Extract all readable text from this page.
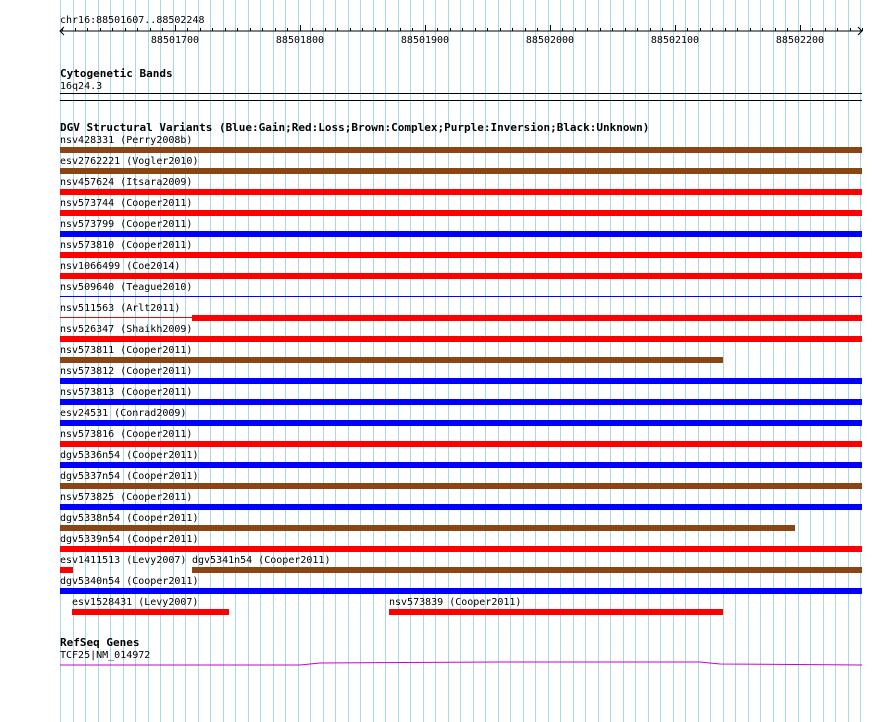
chr16:88501607..88502248
88501700	88501800	88501900	88502000	88502100	88502200
Cytogenetic Bands
16q24.3
DGV Structural Variants (Blue:Gain;Red:Loss;Brown:Complex;Purple:Inversion;Black:Unknown)
nsv428331 (Perry2008b)
esv2762221 (Vogler2010)
nsv457624 (Itsara2009)
nsv573744 (Cooper2011)
nsv573799 (Cooper2011)
nsv573810 (Cooper2011)
nsv1066499 (Coe2014)
nsv509640 (Teague2010)
nsv511563 (Arlt2011)
nsv526347 (Shaikh2009)
nsv573811 (Cooper2011)
nsv573812 (Cooper2011)
nsv573813 (Cooper2011)
esv24531 (Conrad2009)
nsv573816 (Cooper2011)
dgv5336n54 (Cooper2011)
dgv5337n54 (Cooper2011)
nsv573825 (Cooper2011)
dgv5338n54 (Cooper2011)
dgv5339n54 (Cooper2011)
esv1411513 (Levy2007) dgv5341n54 (Cooper2011)
dgv5340n54 (Cooper2011)
esv1528431 (Levy2007)	nsv573839 (Cooper2011)
RefSeq Genes
TCF25|NM_014972
